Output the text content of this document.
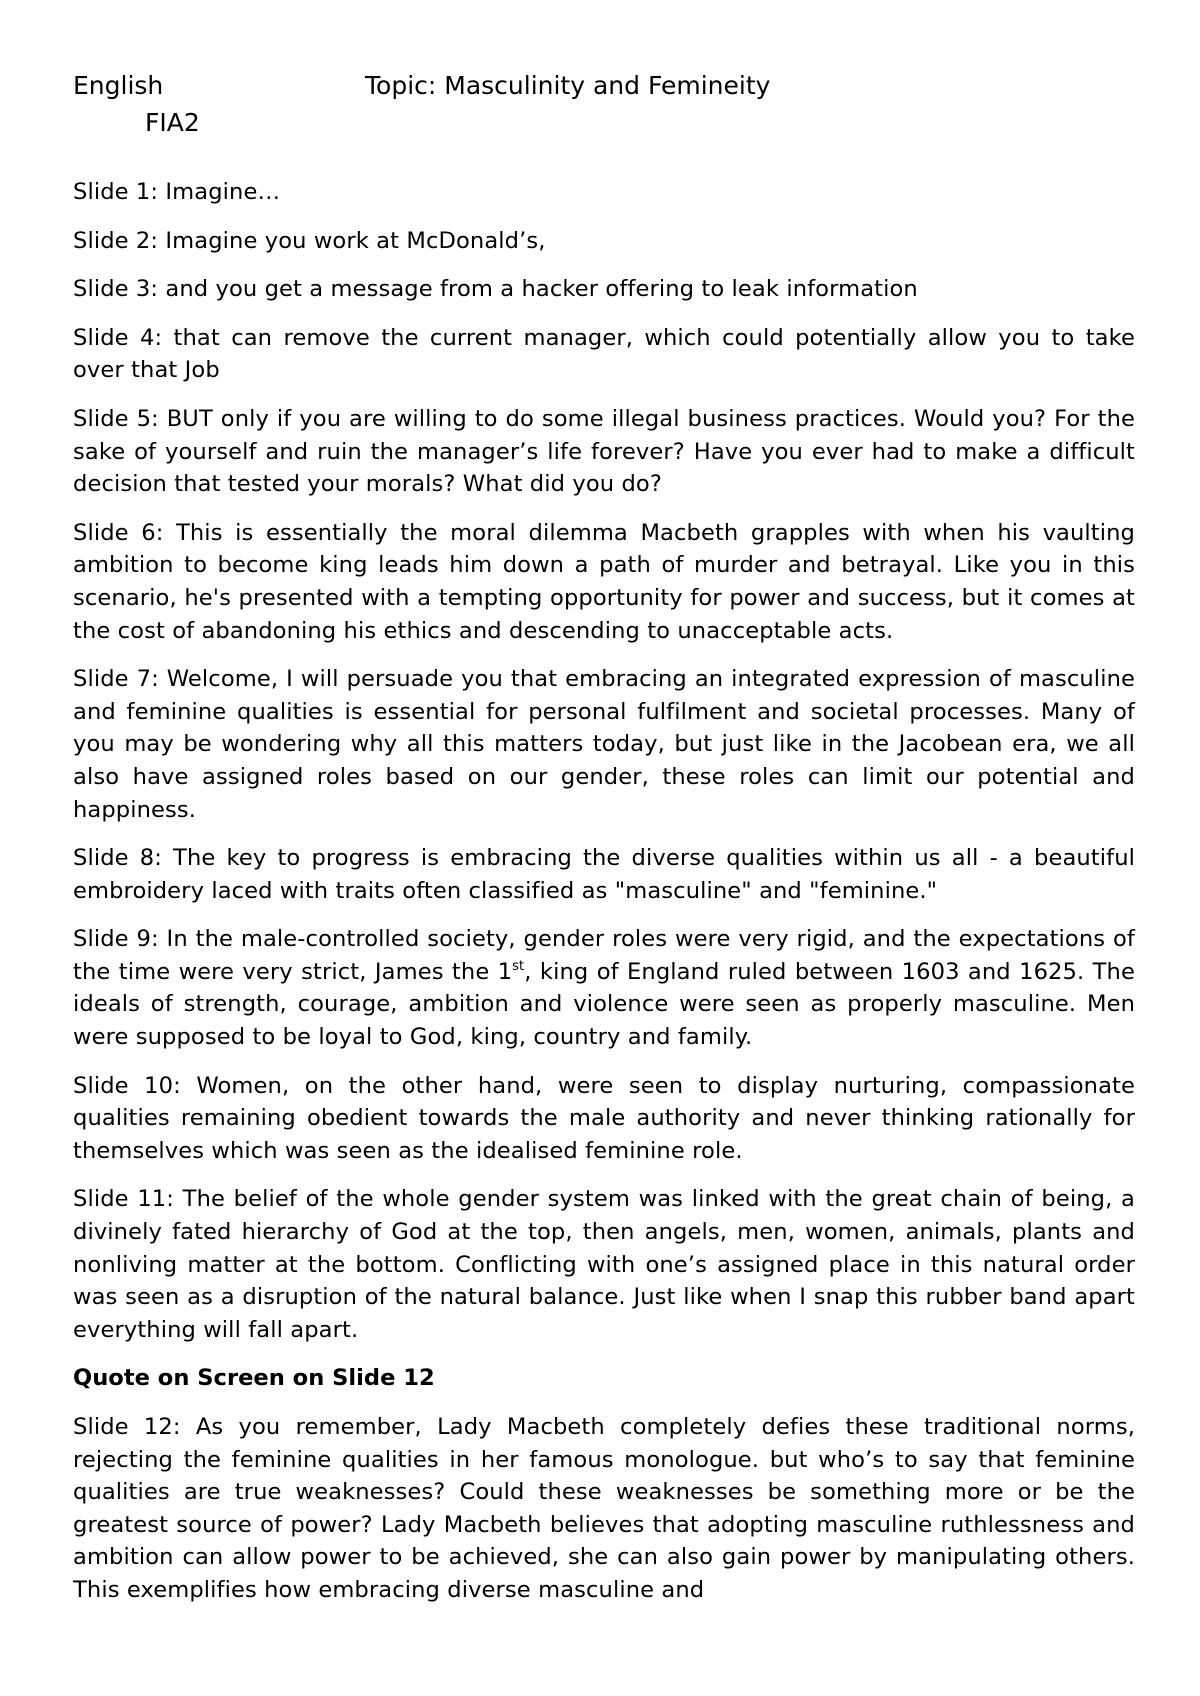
English	Topic: Masculinity and Femineity
FIA2

Slide 1: Imagine…

Slide 2: Imagine you work at McDonald’s,

Slide 3: and you get a message from a hacker offering to leak information

Slide 4: that can remove the current manager, which could potentially allow you to take over that Job

Slide 5: BUT only if you are willing to do some illegal business practices. Would you? For the sake of yourself and ruin the manager’s life forever? Have you ever had to make a difficult decision that tested your morals? What did you do?

Slide 6: This is essentially the moral dilemma Macbeth grapples with when his vaulting ambition to become king leads him down a path of murder and betrayal. Like you in this scenario, he's presented with a tempting opportunity for power and success, but it comes at the cost of abandoning his ethics and descending to unacceptable acts.

Slide 7: Welcome, I will persuade you that embracing an integrated expression of masculine and feminine qualities is essential for personal fulfilment and societal processes. Many of you may be wondering why all this matters today, but just like in the Jacobean era, we all also have assigned roles based on our gender, these roles can limit our potential and happiness.

Slide 8: The key to progress is embracing the diverse qualities within us all - a beautiful embroidery laced with traits often classified as "masculine" and "feminine."

Slide 9: In the male-controlled society, gender roles were very rigid, and the expectations of the time were very strict, James the 1st, king of England ruled between 1603 and 1625. The ideals of strength, courage, ambition and violence were seen as properly masculine. Men were supposed to be loyal to God, king, country and family.

Slide 10: Women, on the other hand, were seen to display nurturing, compassionate qualities remaining obedient towards the male authority and never thinking rationally for themselves which was seen as the idealised feminine role.

Slide 11: The belief of the whole gender system was linked with the great chain of being, a divinely fated hierarchy of God at the top, then angels, men, women, animals, plants and nonliving matter at the bottom. Conflicting with one’s assigned place in this natural order was seen as a disruption of the natural balance. Just like when I snap this rubber band apart everything will fall apart.

Quote on Screen on Slide 12

Slide 12: As you remember, Lady Macbeth completely defies these traditional norms, rejecting the feminine qualities in her famous monologue. but who’s to say that feminine qualities are true weaknesses? Could these weaknesses be something more or be the greatest source of power? Lady Macbeth believes that adopting masculine ruthlessness and ambition can allow power to be achieved, she can also gain power by manipulating others. This exemplifies how embracing diverse masculine and
